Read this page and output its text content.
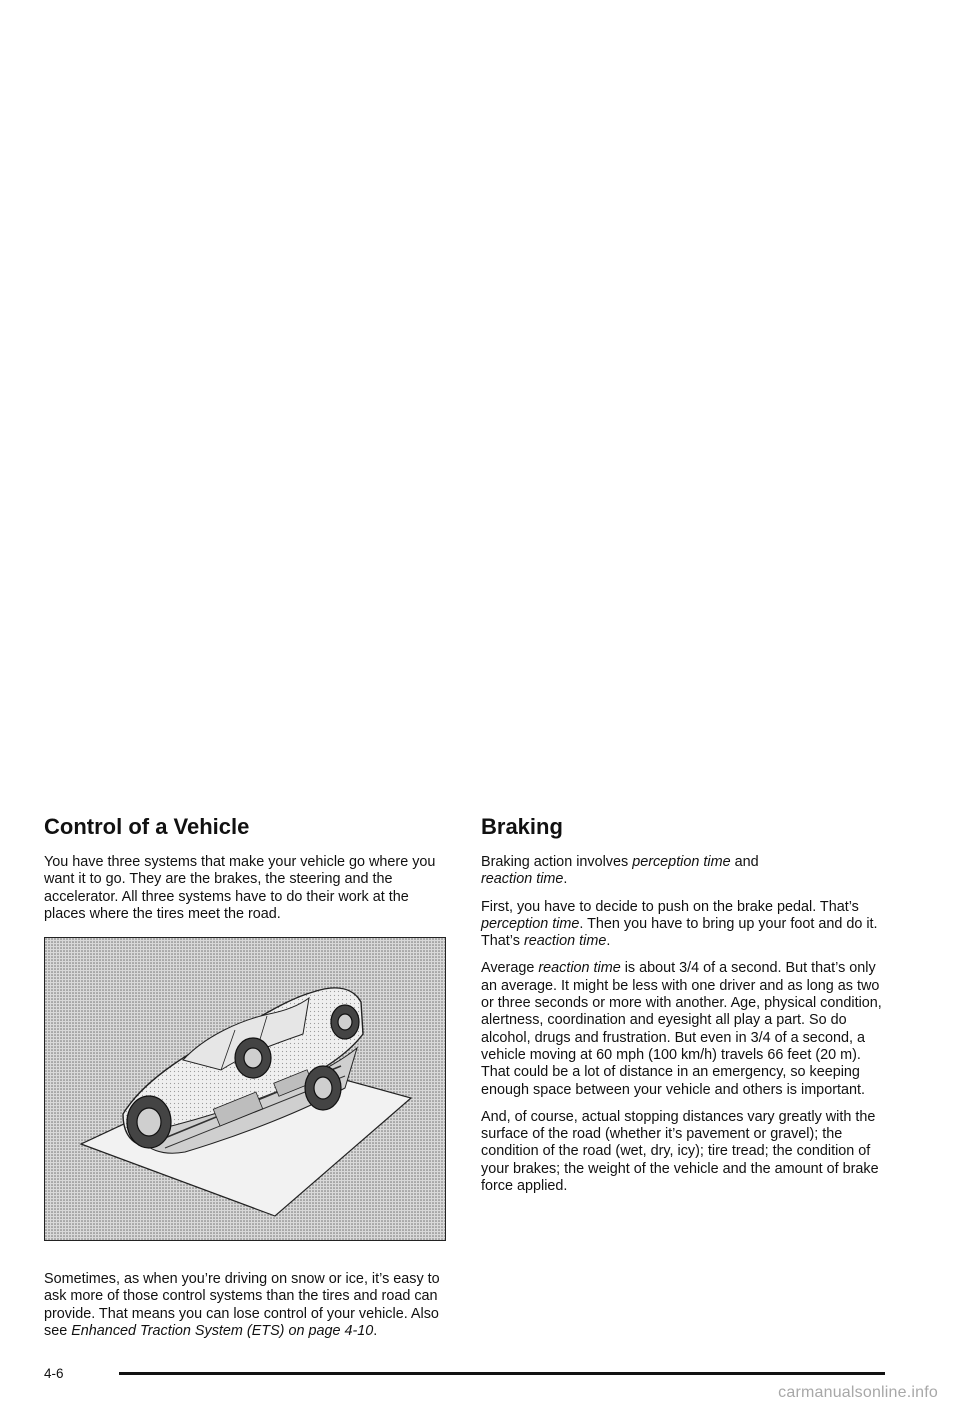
Control of a Vehicle

You have three systems that make your vehicle go where you want it to go. They are the brakes, the steering and the accelerator. All three systems have to do their work at the places where the tires meet the road.

Sometimes, as when you’re driving on snow or ice, it’s easy to ask more of those control systems than the tires and road can provide. That means you can lose control of your vehicle. Also see Enhanced Traction System (ETS) on page 4-10.

Braking

Braking action involves perception time and
reaction time.

First, you have to decide to push on the brake pedal. That’s perception time. Then you have to bring up your foot and do it. That’s reaction time.

Average reaction time is about 3/4 of a second. But that’s only an average. It might be less with one driver and as long as two or three seconds or more with another. Age, physical condition, alertness, coordination and eyesight all play a part. So do alcohol, drugs and frustration. But even in 3/4 of a second, a vehicle moving at 60 mph (100 km/h) travels 66 feet (20 m). That could be a lot of distance in an emergency, so keeping enough space between your vehicle and others is important.

And, of course, actual stopping distances vary greatly with the surface of the road (whether it’s pavement or gravel); the condition of the road (wet, dry, icy); tire tread; the condition of your brakes; the weight of the vehicle and the amount of brake force applied.

4-6
carmanualsonline.info
